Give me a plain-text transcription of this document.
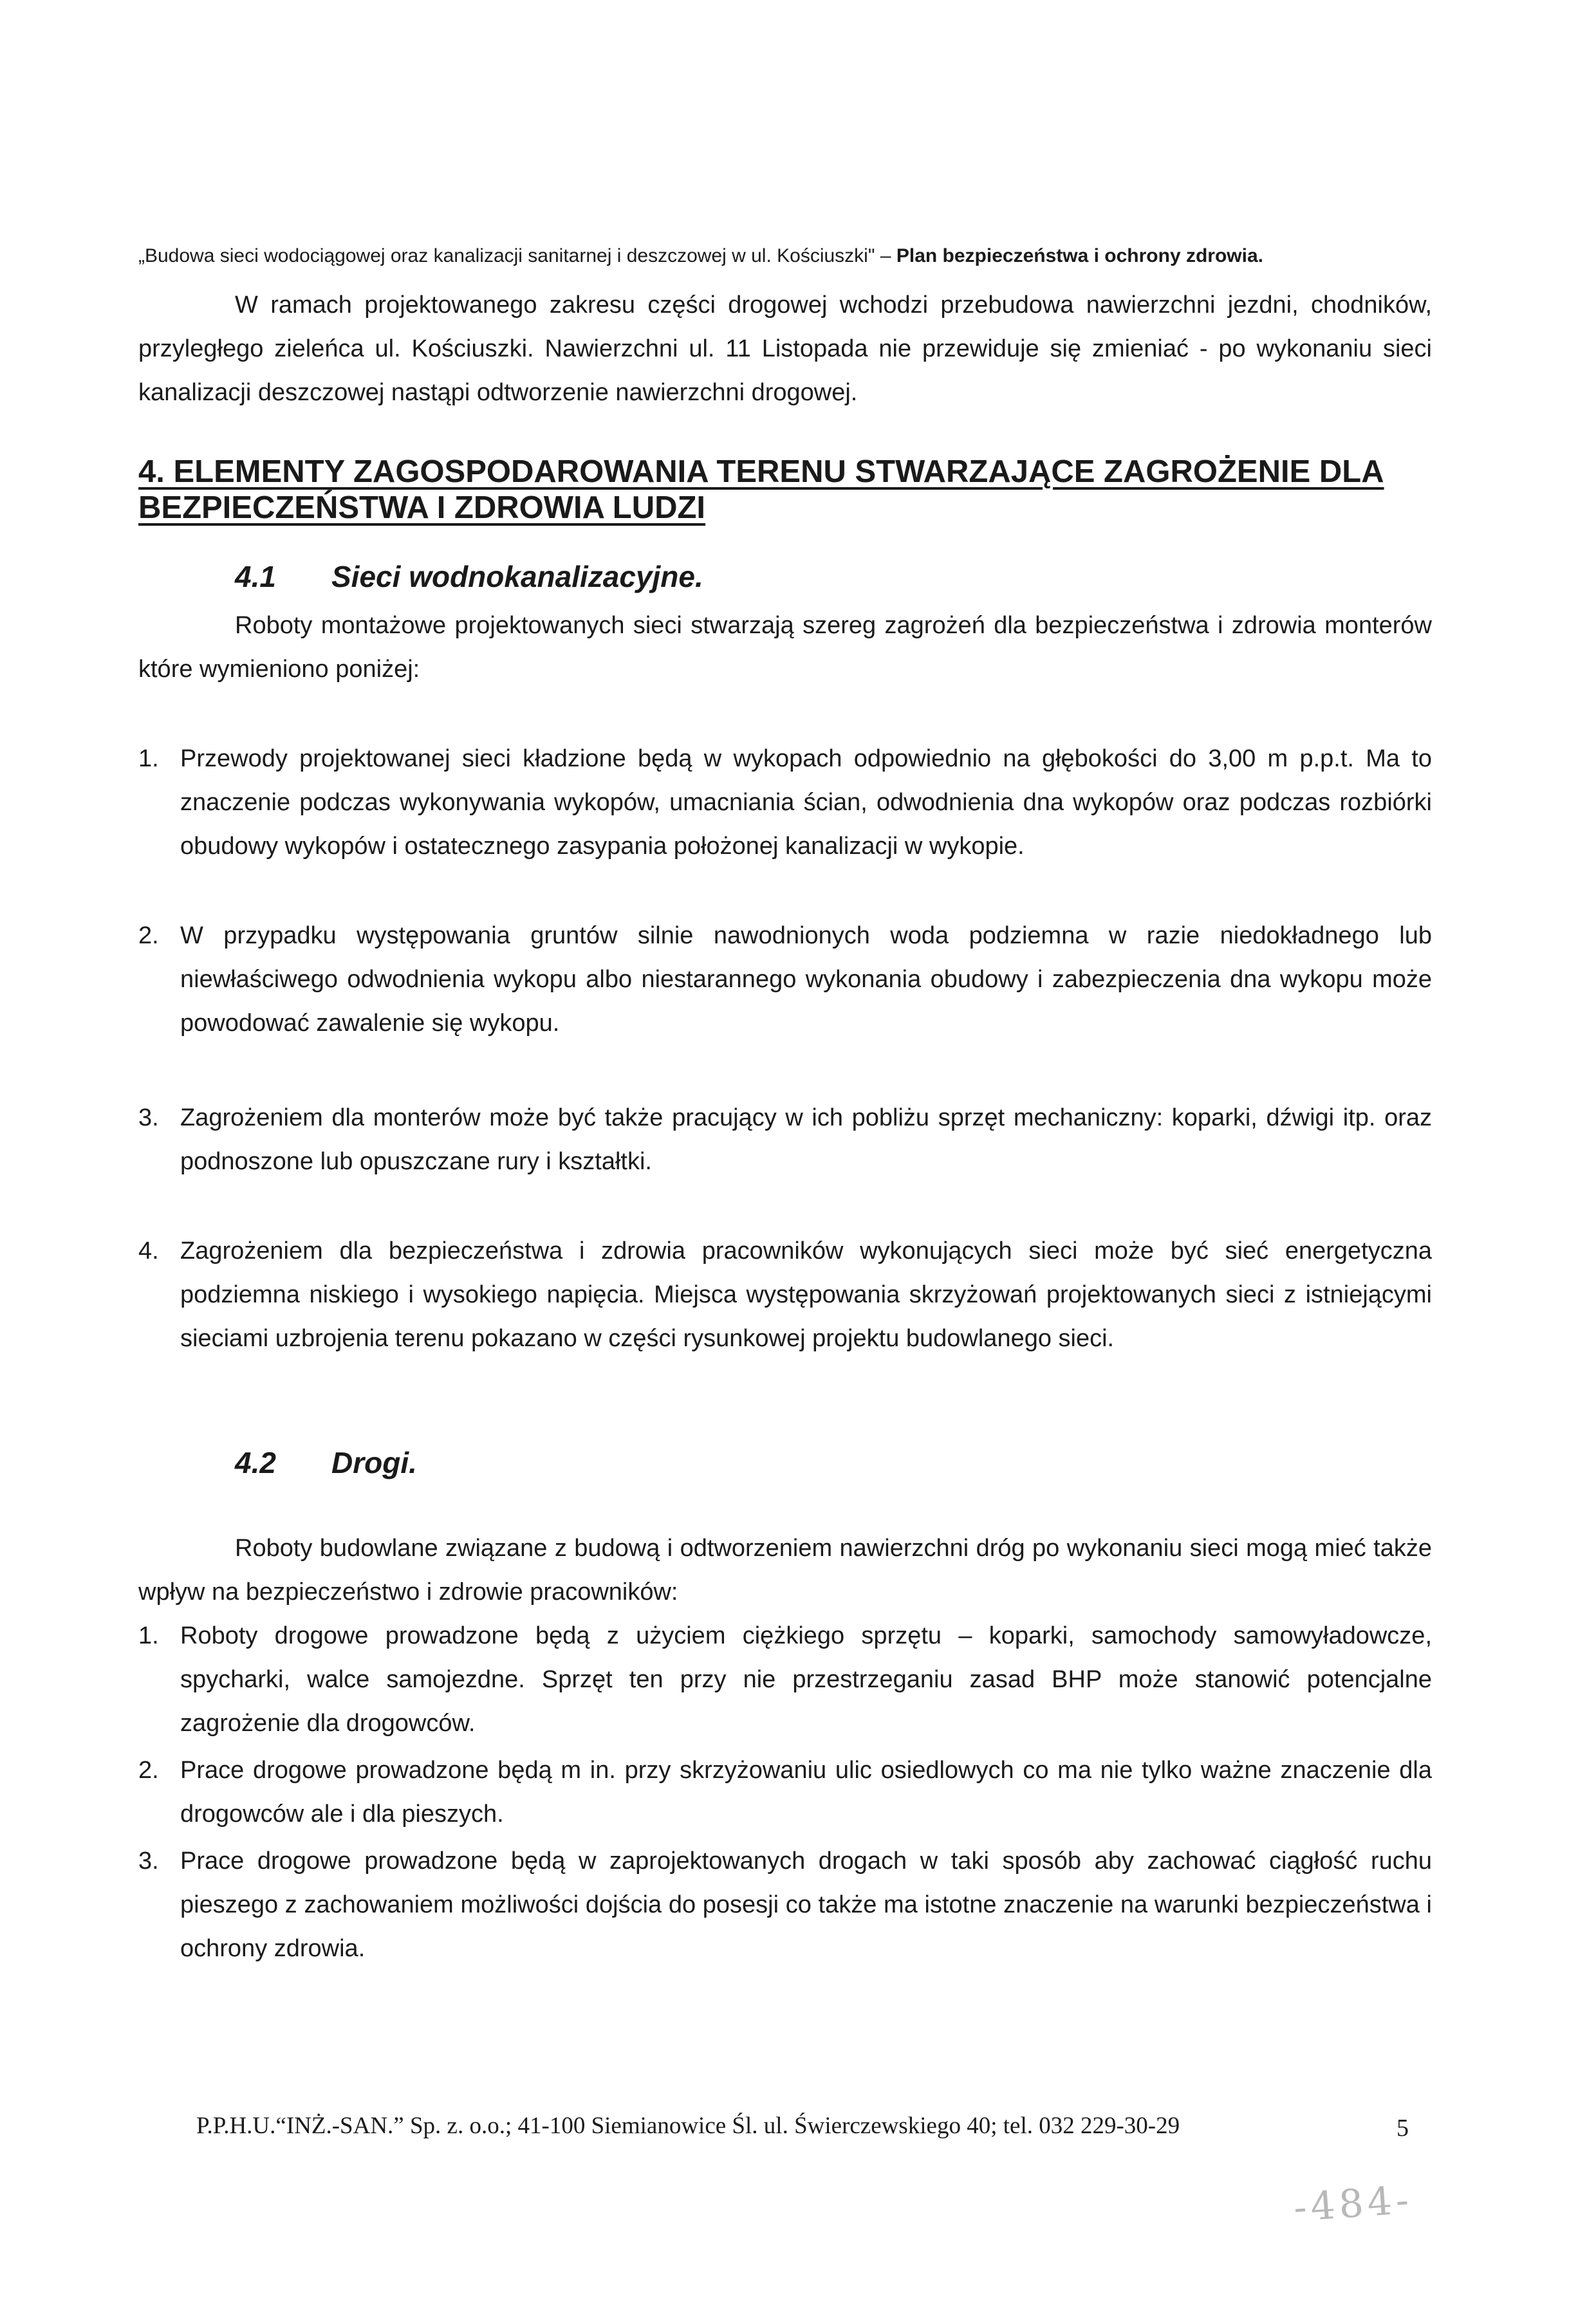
„Budowa sieci wodociągowej oraz kanalizacji sanitarnej i deszczowej w ul. Kościuszki" – Plan bezpieczeństwa i ochrony zdrowia.
W ramach projektowanego zakresu części drogowej wchodzi przebudowa nawierzchni jezdni, chodników, przyległego zieleńca ul. Kościuszki. Nawierzchni ul. 11 Listopada nie przewiduje się zmieniać - po wykonaniu sieci kanalizacji deszczowej nastąpi odtworzenie nawierzchni drogowej.
4. ELEMENTY ZAGOSPODAROWANIA TERENU STWARZAJĄCE ZAGROŻENIE DLA BEZPIECZEŃSTWA I ZDROWIA LUDZI
4.1 Sieci wodnokanalizacyjne.
Roboty montażowe projektowanych sieci stwarzają szereg zagrożeń dla bezpieczeństwa i zdrowia monterów które wymieniono poniżej:
1. Przewody projektowanej sieci kładzione będą w wykopach odpowiednio na głębokości do 3,00 m p.p.t. Ma to znaczenie podczas wykonywania wykopów, umacniania ścian, odwodnienia dna wykopów oraz podczas rozbiórki obudowy wykopów i ostatecznego zasypania położonej kanalizacji w wykopie.
2. W przypadku występowania gruntów silnie nawodnionych woda podziemna w razie niedokładnego lub niewłaściwego odwodnienia wykopu albo niestarannego wykonania obudowy i zabezpieczenia dna wykopu może powodować zawalenie się wykopu.
3. Zagrożeniem dla monterów może być także pracujący w ich pobliżu sprzęt mechaniczny: koparki, dźwigi itp. oraz podnoszone lub opuszczane rury i kształtki.
4. Zagrożeniem dla bezpieczeństwa i zdrowia pracowników wykonujących sieci może być sieć energetyczna podziemna niskiego i wysokiego napięcia. Miejsca występowania skrzyżowań projektowanych sieci z istniejącymi sieciami uzbrojenia terenu pokazano w części rysunkowej projektu budowlanego sieci.
4.2 Drogi.
Roboty budowlane związane z budową i odtworzeniem nawierzchni dróg po wykonaniu sieci mogą mieć także wpływ na bezpieczeństwo i zdrowie pracowników:
1. Roboty drogowe prowadzone będą z użyciem ciężkiego sprzętu – koparki, samochody samowyładowcze, spycharki, walce samojezdne. Sprzęt ten przy nie przestrzeganiu zasad BHP może stanowić potencjalne zagrożenie dla drogowców.
2. Prace drogowe prowadzone będą m in. przy skrzyżowaniu ulic osiedlowych co ma nie tylko ważne znaczenie dla drogowców ale i dla pieszych.
3. Prace drogowe prowadzone będą w zaprojektowanych drogach w taki sposób aby zachować ciągłość ruchu pieszego z zachowaniem możliwości dojścia do posesji co także ma istotne znaczenie na warunki bezpieczeństwa i ochrony zdrowia.
P.P.H.U.“INŻ.-SAN.” Sp. z. o.o.; 41-100 Siemianowice Śl. ul. Świerczewskiego 40; tel. 032 229-30-29	5
-484-
